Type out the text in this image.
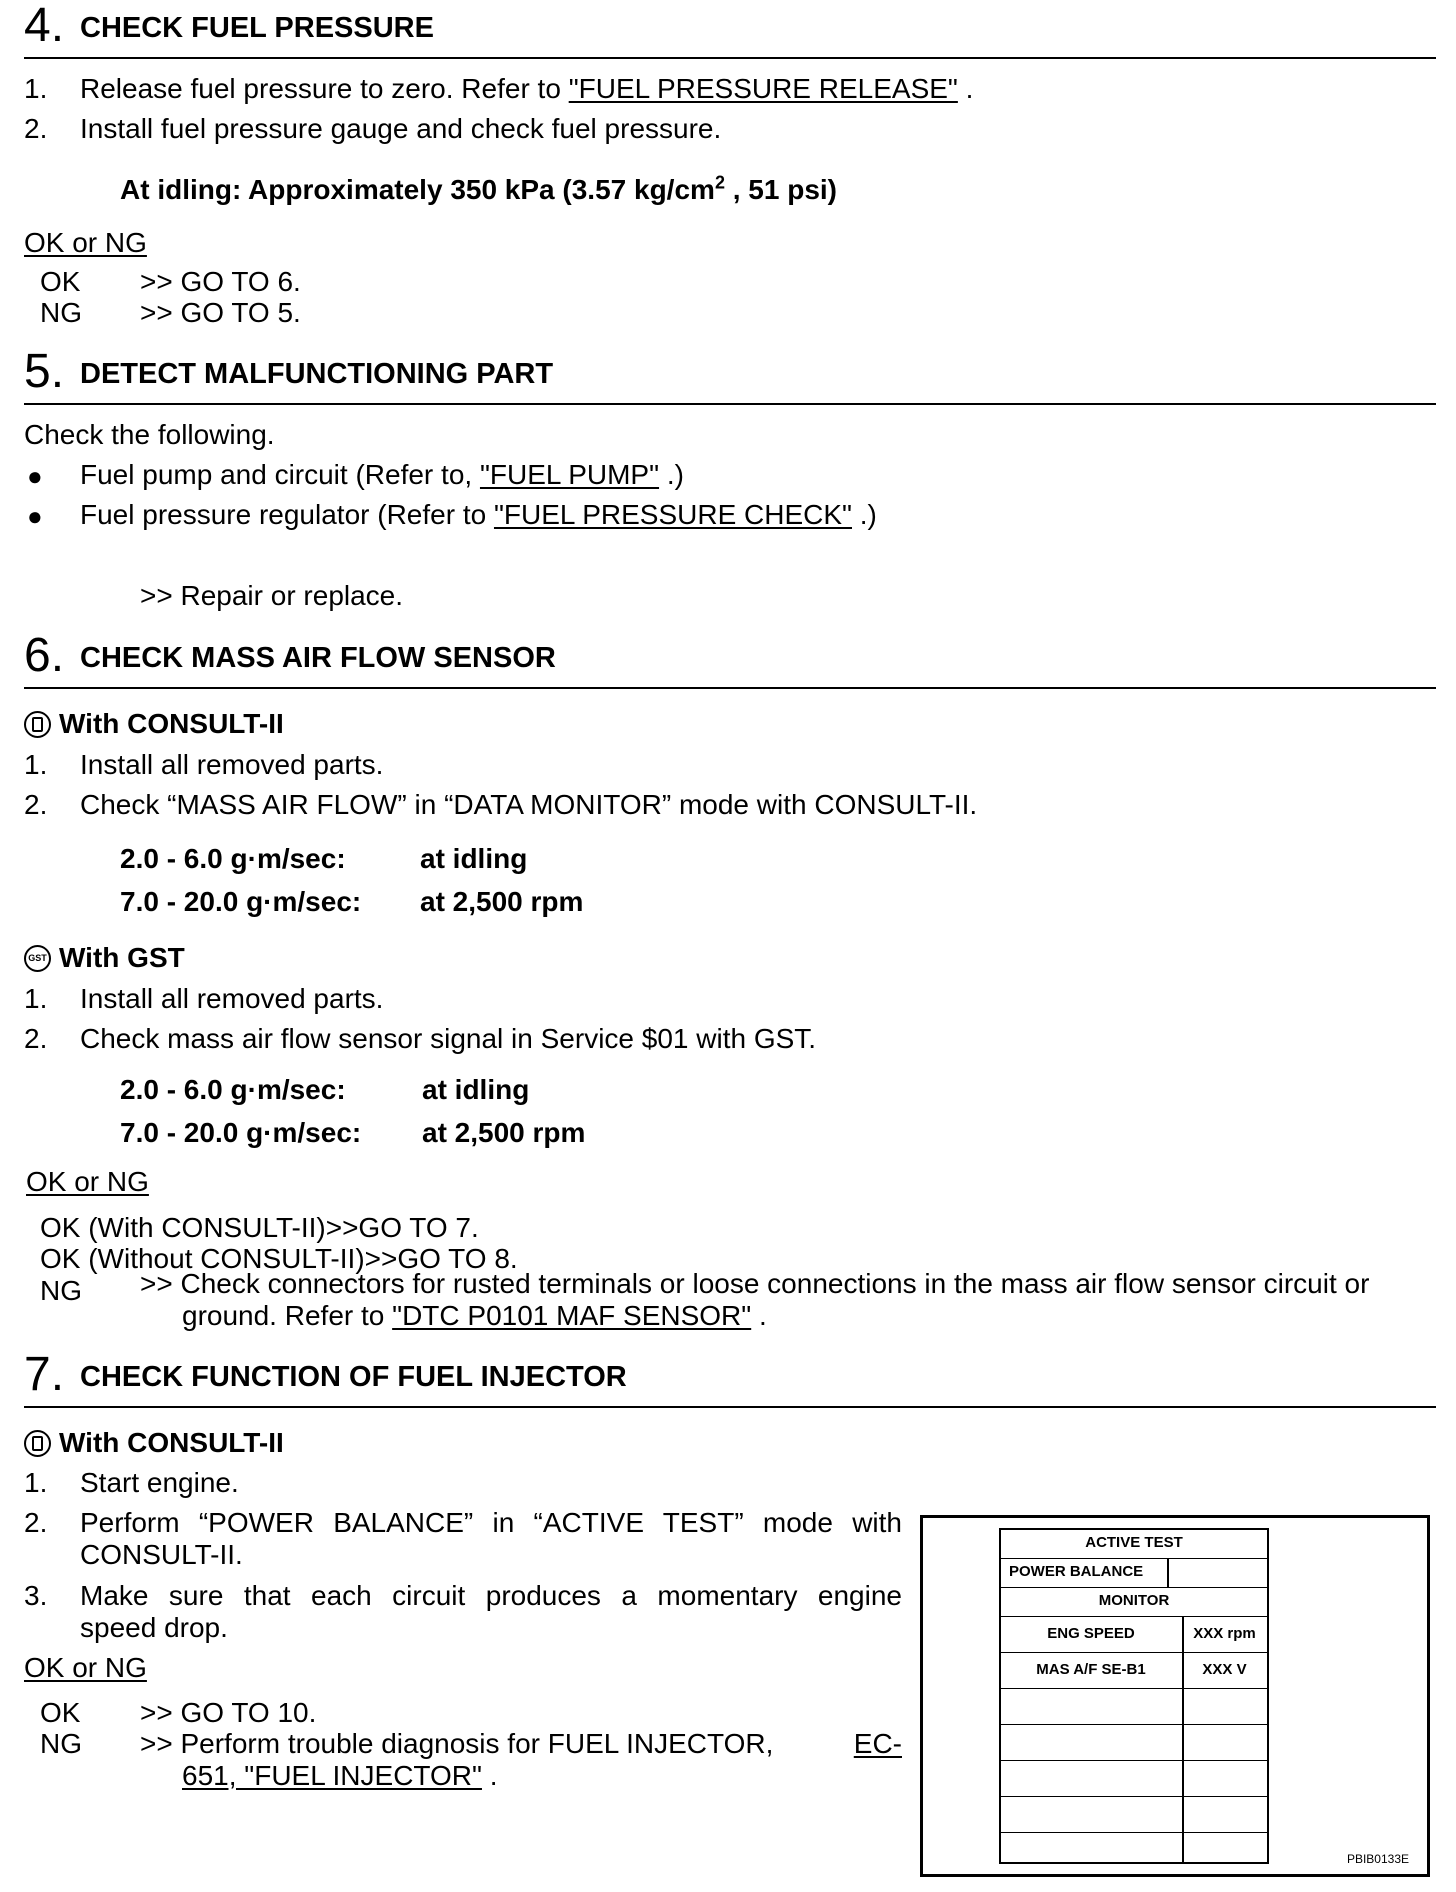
4. CHECK FUEL PRESSURE
1. Release fuel pressure to zero. Refer to "FUEL PRESSURE RELEASE" .
2. Install fuel pressure gauge and check fuel pressure.
At idling: Approximately 350 kPa (3.57 $kg/cm^2$ , 51 psi)
OK or NG
OK >> GO TO 6.
NG >> GO TO 5.
5. DETECT MALFUNCTIONING PART
Check the following.
● Fuel pump and circuit (Refer to, "FUEL PUMP" .)
● Fuel pressure regulator (Refer to "FUEL PRESSURE CHECK" .)
>> Repair or replace.
6. CHECK MASS AIR FLOW SENSOR
With CONSULT-II
1. Install all removed parts.
2. Check “MASS AIR FLOW” in “DATA MONITOR” mode with CONSULT-II.
2.0 - 6.0 g·m/sec:	at idling
7.0 - 20.0 g·m/sec: at 2,500 rpm
GST With GST
1. Install all removed parts.
2. Check mass air flow sensor signal in Service $01 with GST.
2.0 - 6.0 g·m/sec:	at idling
7.0 - 20.0 g·m/sec: at 2,500 rpm
OK or NG
OK (With CONSULT-II)>>GO TO 7.
OK (Without CONSULT-II)>>GO TO 8.
NG >> Check connectors for rusted terminals or loose connections in the mass air flow sensor circuit or
ground. Refer to "DTC P0101 MAF SENSOR" .
7. CHECK FUNCTION OF FUEL INJECTOR
With CONSULT-II
1. Start engine.
2. Perform “POWER BALANCE” in “ACTIVE TEST” mode with
CONSULT-II.
3. Make sure that each circuit produces a momentary engine
speed drop.
OK or NG
OK >> GO TO 10.
NG >> Perform trouble diagnosis for FUEL INJECTOR,	EC-
651, "FUEL INJECTOR" .
ACTIVE TEST
POWER BALANCE
MONITOR
ENG SPEED	XXX rpm
MAS A/F SE-B1	XXX V
PBIB0133E
